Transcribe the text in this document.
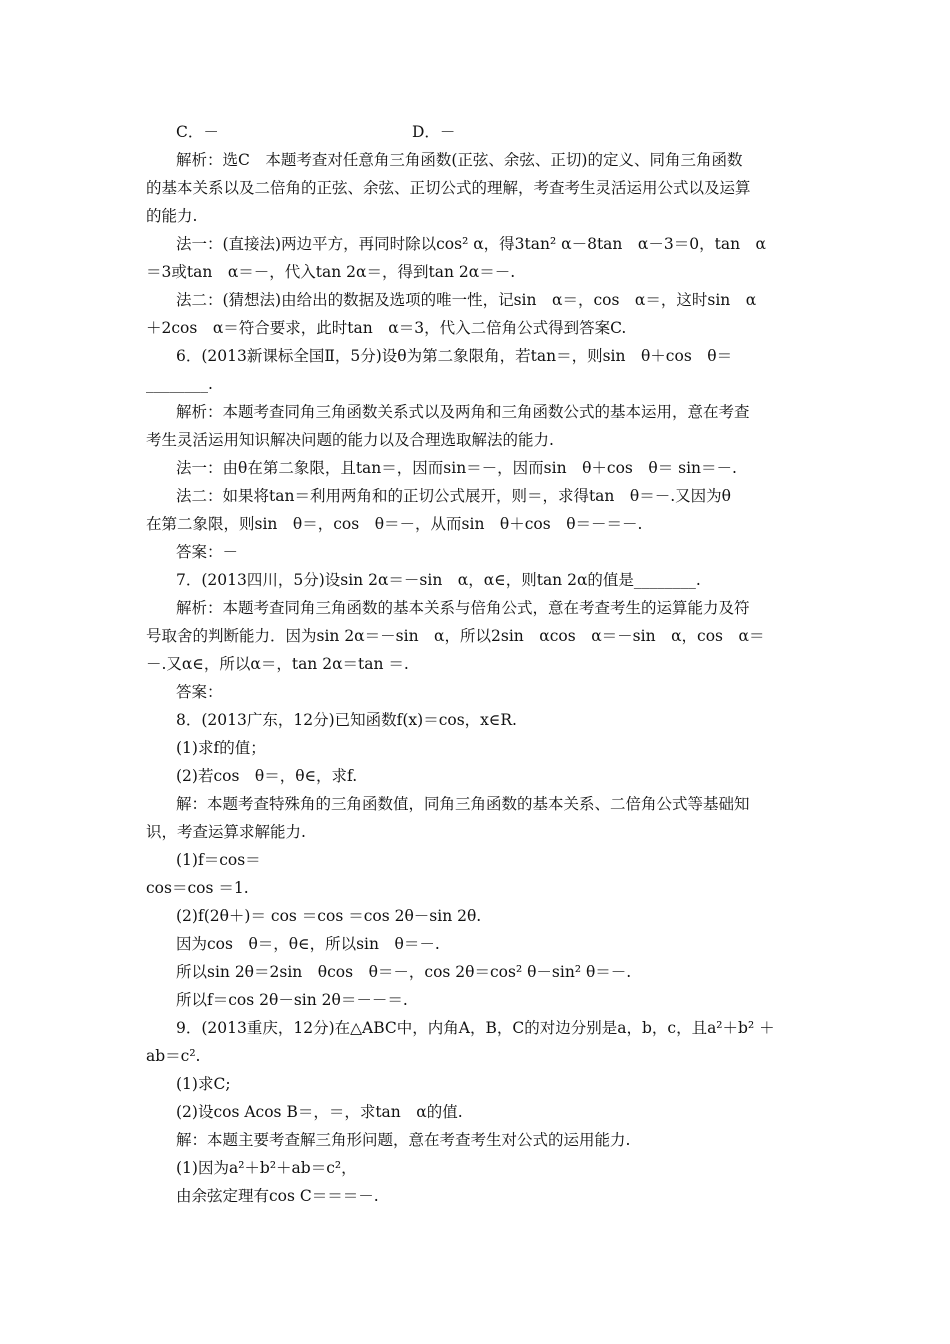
C．－	D．－
解析：选C　本题考查对任意角三角函数(正弦、余弦、正切)的定义、同角三角函数
的基本关系以及二倍角的正弦、余弦、正切公式的理解，考查考生灵活运用公式以及运算
的能力.
法一：(直接法)两边平方，再同时除以cos² α，得3tan² α－8tan　α－3＝0，tan　α
＝3或tan　α＝－，代入tan 2α＝，得到tan 2α＝－.
法二：(猜想法)由给出的数据及选项的唯一性，记sin　α＝，cos　α＝，这时sin　α
＋2cos　α＝符合要求，此时tan　α＝3，代入二倍角公式得到答案C.
6．(2013新课标全国Ⅱ，5分)设θ为第二象限角，若tan＝，则sin　θ＋cos　θ＝
________.
解析：本题考查同角三角函数关系式以及两角和三角函数公式的基本运用，意在考查
考生灵活运用知识解决问题的能力以及合理选取解法的能力.
法一：由θ在第二象限，且tan＝，因而sin＝－，因而sin　θ＋cos　θ＝ sin＝－.
法二：如果将tan＝利用两角和的正切公式展开，则＝，求得tan　θ＝－.又因为θ
在第二象限，则sin　θ＝，cos　θ＝－，从而sin　θ＋cos　θ＝－＝－.
答案：－
7．(2013四川，5分)设sin 2α＝－sin　α，α∈，则tan 2α的值是________.
解析：本题考查同角三角函数的基本关系与倍角公式，意在考查考生的运算能力及符
号取舍的判断能力．因为sin 2α＝－sin　α，所以2sin　αcos　α＝－sin　α，cos　α＝
－.又α∈，所以α＝，tan 2α＝tan ＝.
答案：
8．(2013广东，12分)已知函数f(x)＝cos，x∈R.
(1)求f的值；
(2)若cos　θ＝，θ∈，求f.
解：本题考查特殊角的三角函数值，同角三角函数的基本关系、二倍角公式等基础知
识，考查运算求解能力.
(1)f＝cos＝
cos＝cos ＝1.
(2)f(2θ＋)＝ cos ＝cos ＝cos 2θ－sin 2θ.
因为cos　θ＝，θ∈，所以sin　θ＝－.
所以sin 2θ＝2sin　θcos　θ＝－，cos 2θ＝cos² θ－sin² θ＝－.
所以f＝cos 2θ－sin 2θ＝－－＝.
9．(2013重庆，12分)在△ABC中，内角A，B，C的对边分别是a，b，c，且a²＋b² ＋
ab＝c².
(1)求C;
(2)设cos Acos B＝，＝，求tan　α的值.
解：本题主要考查解三角形问题，意在考查考生对公式的运用能力.
(1)因为a²＋b²＋ab＝c²，
由余弦定理有cos C＝＝＝－.
